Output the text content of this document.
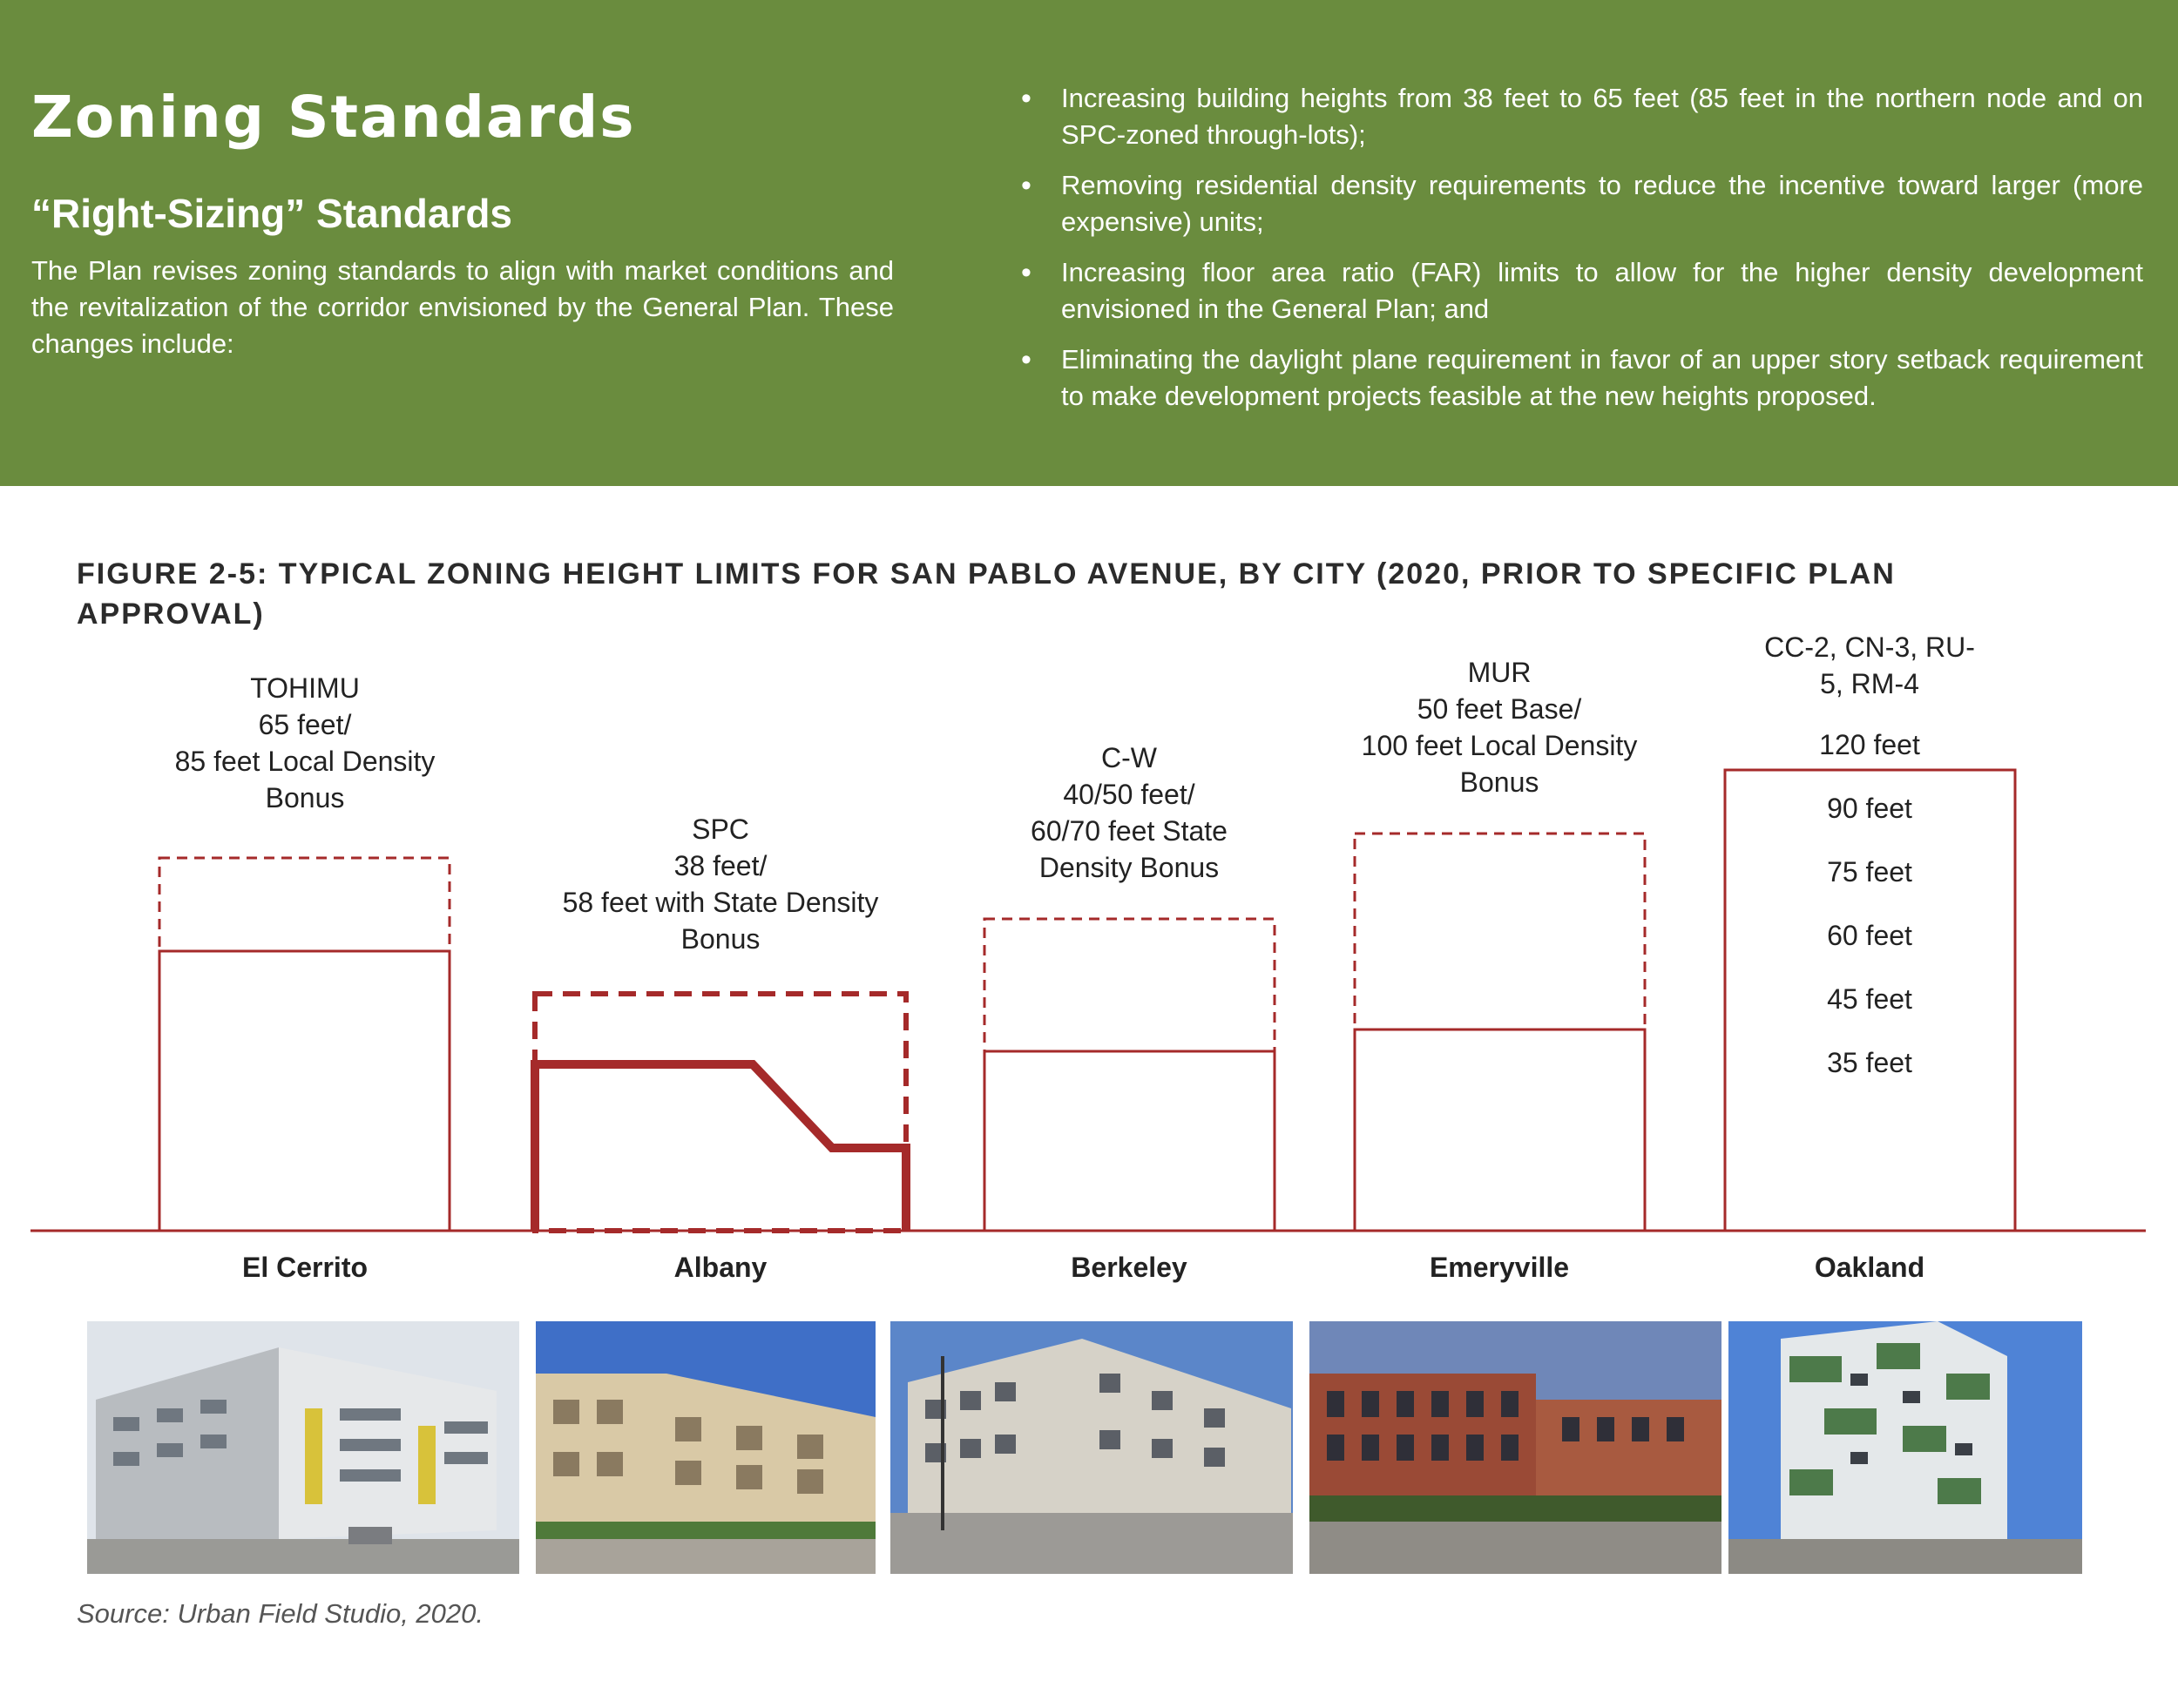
Zoning Standards
“Right-Sizing” Standards

The Plan revises zoning standards to align with market conditions and the revitalization of the corridor envisioned by the General Plan. These changes include:

• Increasing building heights from 38 feet to 65 feet (85 feet in the northern node and on SPC-zoned through-lots);
• Removing residential density requirements to reduce the incentive toward larger (more expensive) units;
• Increasing floor area ratio (FAR) limits to allow for the higher density development envisioned in the General Plan; and
• Eliminating the daylight plane requirement in favor of an upper story setback requirement to make development projects feasible at the new heights proposed.
FIGURE 2-5: TYPICAL ZONING HEIGHT LIMITS FOR SAN PABLO AVENUE, BY CITY (2020, PRIOR TO SPECIFIC PLAN APPROVAL)
TOHIMU
65 feet/
85 feet Local Density
Bonus
SPC
38 feet/
58 feet with State Density
Bonus
C-W
40/50 feet/
60/70 feet State
Density Bonus
MUR
50 feet Base/
100 feet Local Density
Bonus
CC-2, CN-3, RU-
5, RM-4
120 feet
90 feet
75 feet
60 feet
45 feet
35 feet
El Cerrito	Albany	Berkeley	Emeryville	Oakland
Source: Urban Field Studio, 2020.
